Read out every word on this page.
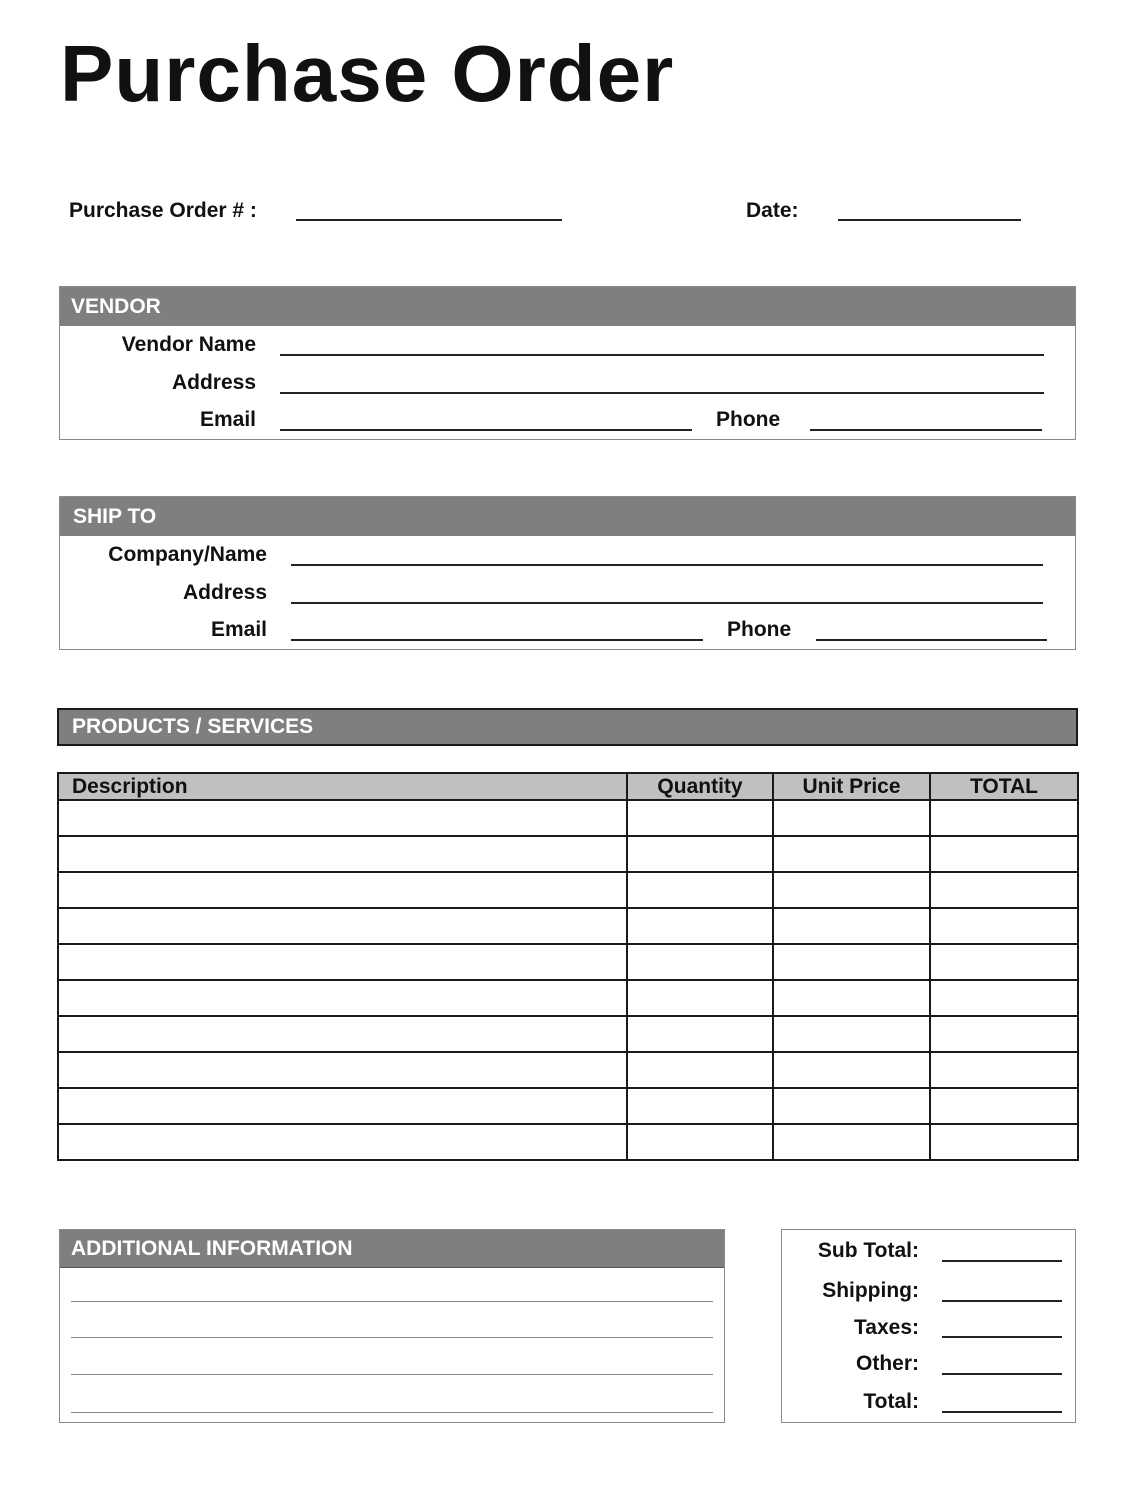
Purchase Order
Purchase Order # :	Date:
VENDOR
Vendor Name
Address
Email	Phone
SHIP TO
Company/Name
Address
Email	Phone
PRODUCTS / SERVICES
Description	Quantity	Unit Price	TOTAL

ADDITIONAL INFORMATION	Sub Total:
Shipping:
Taxes:
Other:
Total:
